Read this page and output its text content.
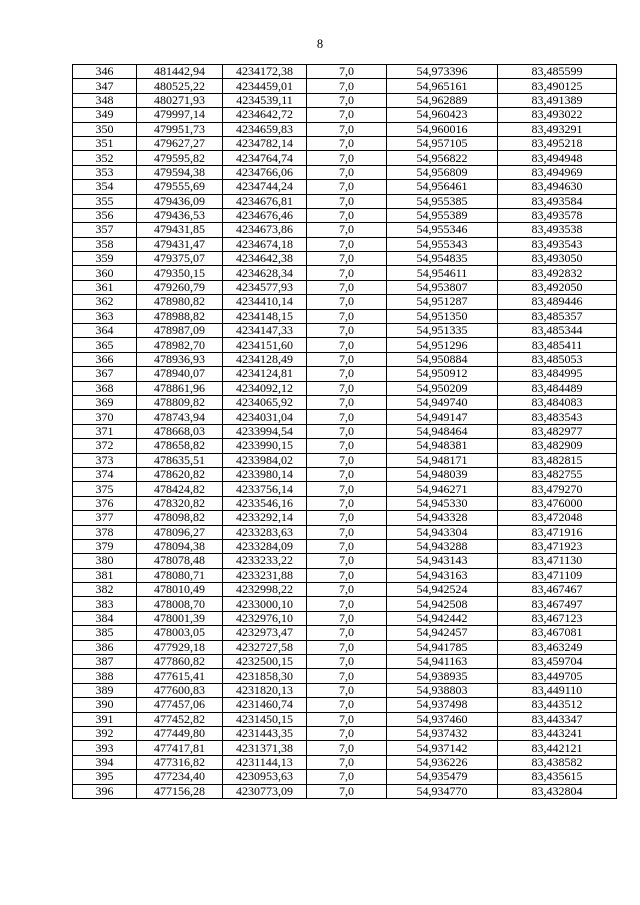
8
346	481442,94	4234172,38	7,0	54,973396	83,485599
347	480525,22	4234459,01	7,0	54,965161	83,490125
348	480271,93	4234539,11	7,0	54,962889	83,491389
349	479997,14	4234642,72	7,0	54,960423	83,493022
350	479951,73	4234659,83	7,0	54,960016	83,493291
351	479627,27	4234782,14	7,0	54,957105	83,495218
352	479595,82	4234764,74	7,0	54,956822	83,494948
353	479594,38	4234766,06	7,0	54,956809	83,494969
354	479555,69	4234744,24	7,0	54,956461	83,494630
355	479436,09	4234676,81	7,0	54,955385	83,493584
356	479436,53	4234676,46	7,0	54,955389	83,493578
357	479431,85	4234673,86	7,0	54,955346	83,493538
358	479431,47	4234674,18	7,0	54,955343	83,493543
359	479375,07	4234642,38	7,0	54,954835	83,493050
360	479350,15	4234628,34	7,0	54,954611	83,492832
361	479260,79	4234577,93	7,0	54,953807	83,492050
362	478980,82	4234410,14	7,0	54,951287	83,489446
363	478988,82	4234148,15	7,0	54,951350	83,485357
364	478987,09	4234147,33	7,0	54,951335	83,485344
365	478982,70	4234151,60	7,0	54,951296	83,485411
366	478936,93	4234128,49	7,0	54,950884	83,485053
367	478940,07	4234124,81	7,0	54,950912	83,484995
368	478861,96	4234092,12	7,0	54,950209	83,484489
369	478809,82	4234065,92	7,0	54,949740	83,484083
370	478743,94	4234031,04	7,0	54,949147	83,483543
371	478668,03	4233994,54	7,0	54,948464	83,482977
372	478658,82	4233990,15	7,0	54,948381	83,482909
373	478635,51	4233984,02	7,0	54,948171	83,482815
374	478620,82	4233980,14	7,0	54,948039	83,482755
375	478424,82	4233756,14	7,0	54,946271	83,479270
376	478320,82	4233546,16	7,0	54,945330	83,476000
377	478098,82	4233292,14	7,0	54,943328	83,472048
378	478096,27	4233283,63	7,0	54,943304	83,471916
379	478094,38	4233284,09	7,0	54,943288	83,471923
380	478078,48	4233233,22	7,0	54,943143	83,471130
381	478080,71	4233231,88	7,0	54,943163	83,471109
382	478010,49	4232998,22	7,0	54,942524	83,467467
383	478008,70	4233000,10	7,0	54,942508	83,467497
384	478001,39	4232976,10	7,0	54,942442	83,467123
385	478003,05	4232973,47	7,0	54,942457	83,467081
386	477929,18	4232727,58	7,0	54,941785	83,463249
387	477860,82	4232500,15	7,0	54,941163	83,459704
388	477615,41	4231858,30	7,0	54,938935	83,449705
389	477600,83	4231820,13	7,0	54,938803	83,449110
390	477457,06	4231460,74	7,0	54,937498	83,443512
391	477452,82	4231450,15	7,0	54,937460	83,443347
392	477449,80	4231443,35	7,0	54,937432	83,443241
393	477417,81	4231371,38	7,0	54,937142	83,442121
394	477316,82	4231144,13	7,0	54,936226	83,438582
395	477234,40	4230953,63	7,0	54,935479	83,435615
396	477156,28	4230773,09	7,0	54,934770	83,432804
